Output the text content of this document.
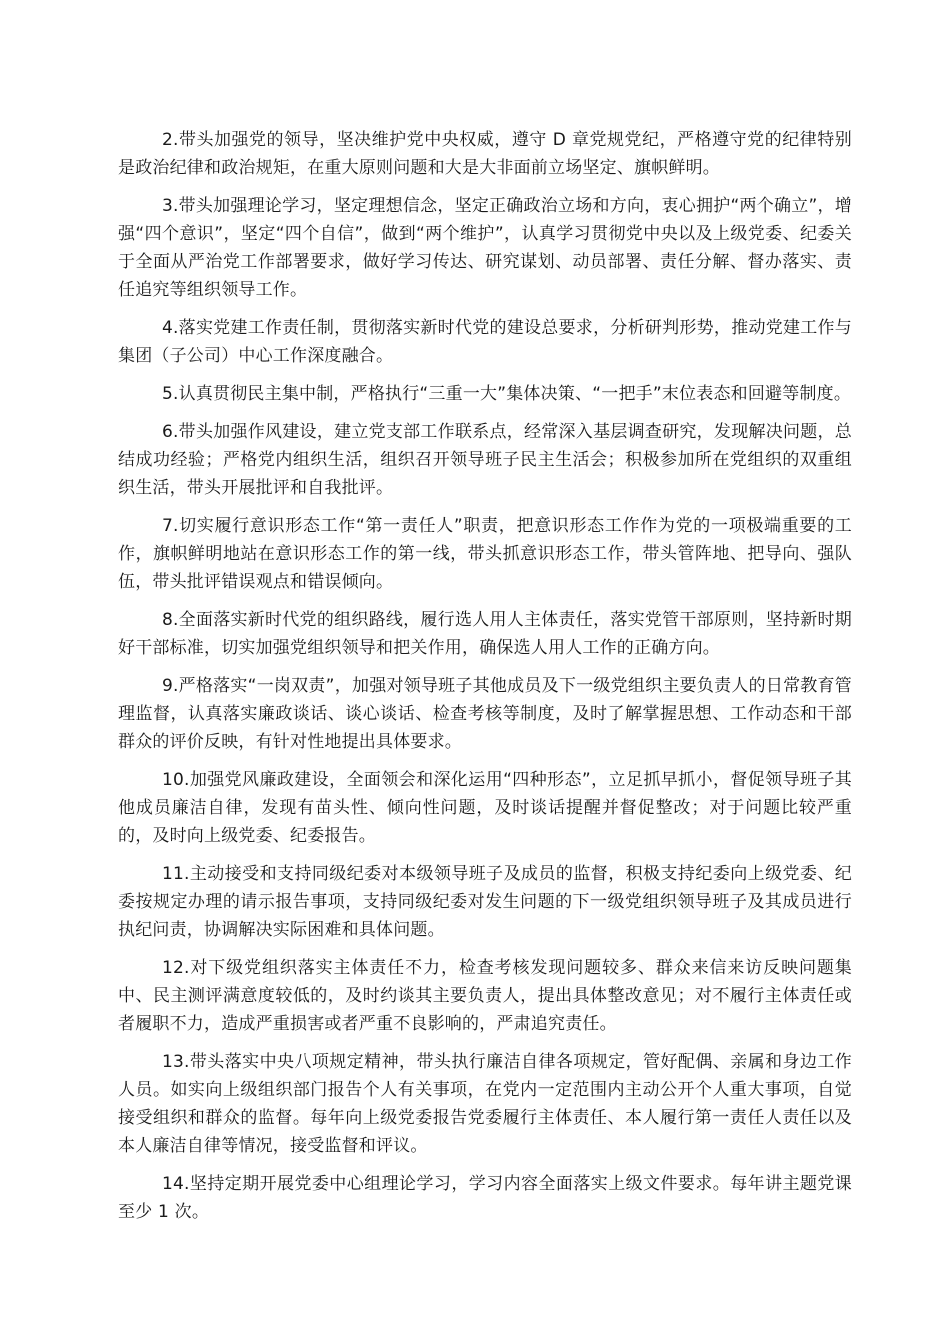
2.带头加强党的领导，坚决维护党中央权威，遵守 D 章党规党纪，严格遵守党的纪律特别是政治纪律和政治规矩，在重大原则问题和大是大非面前立场坚定、旗帜鲜明。

3.带头加强理论学习，坚定理想信念，坚定正确政治立场和方向，衷心拥护“两个确立”，增强“四个意识”，坚定“四个自信”，做到“两个维护”，认真学习贯彻党中央以及上级党委、纪委关于全面从严治党工作部署要求，做好学习传达、研究谋划、动员部署、责任分解、督办落实、责任追究等组织领导工作。

4.落实党建工作责任制，贯彻落实新时代党的建设总要求，分析研判形势，推动党建工作与集团（子公司）中心工作深度融合。

5.认真贯彻民主集中制，严格执行“三重一大”集体决策、“一把手”末位表态和回避等制度。

6.带头加强作风建设，建立党支部工作联系点，经常深入基层调查研究，发现解决问题，总结成功经验；严格党内组织生活，组织召开领导班子民主生活会；积极参加所在党组织的双重组织生活，带头开展批评和自我批评。

7.切实履行意识形态工作“第一责任人”职责，把意识形态工作作为党的一项极端重要的工作，旗帜鲜明地站在意识形态工作的第一线，带头抓意识形态工作，带头管阵地、把导向、强队伍，带头批评错误观点和错误倾向。

8.全面落实新时代党的组织路线，履行选人用人主体责任，落实党管干部原则，坚持新时期好干部标准，切实加强党组织领导和把关作用，确保选人用人工作的正确方向。

9.严格落实“一岗双责”，加强对领导班子其他成员及下一级党组织主要负责人的日常教育管理监督，认真落实廉政谈话、谈心谈话、检查考核等制度，及时了解掌握思想、工作动态和干部群众的评价反映，有针对性地提出具体要求。

10.加强党风廉政建设，全面领会和深化运用“四种形态”，立足抓早抓小，督促领导班子其他成员廉洁自律，发现有苗头性、倾向性问题，及时谈话提醒并督促整改；对于问题比较严重的，及时向上级党委、纪委报告。

11.主动接受和支持同级纪委对本级领导班子及成员的监督，积极支持纪委向上级党委、纪委按规定办理的请示报告事项，支持同级纪委对发生问题的下一级党组织领导班子及其成员进行执纪问责，协调解决实际困难和具体问题。

12.对下级党组织落实主体责任不力，检查考核发现问题较多、群众来信来访反映问题集中、民主测评满意度较低的，及时约谈其主要负责人，提出具体整改意见；对不履行主体责任或者履职不力，造成严重损害或者严重不良影响的，严肃追究责任。

13.带头落实中央八项规定精神，带头执行廉洁自律各项规定，管好配偶、亲属和身边工作人员。如实向上级组织部门报告个人有关事项，在党内一定范围内主动公开个人重大事项，自觉接受组织和群众的监督。每年向上级党委报告党委履行主体责任、本人履行第一责任人责任以及本人廉洁自律等情况，接受监督和评议。

14.坚持定期开展党委中心组理论学习，学习内容全面落实上级文件要求。每年讲主题党课至少 1 次。
